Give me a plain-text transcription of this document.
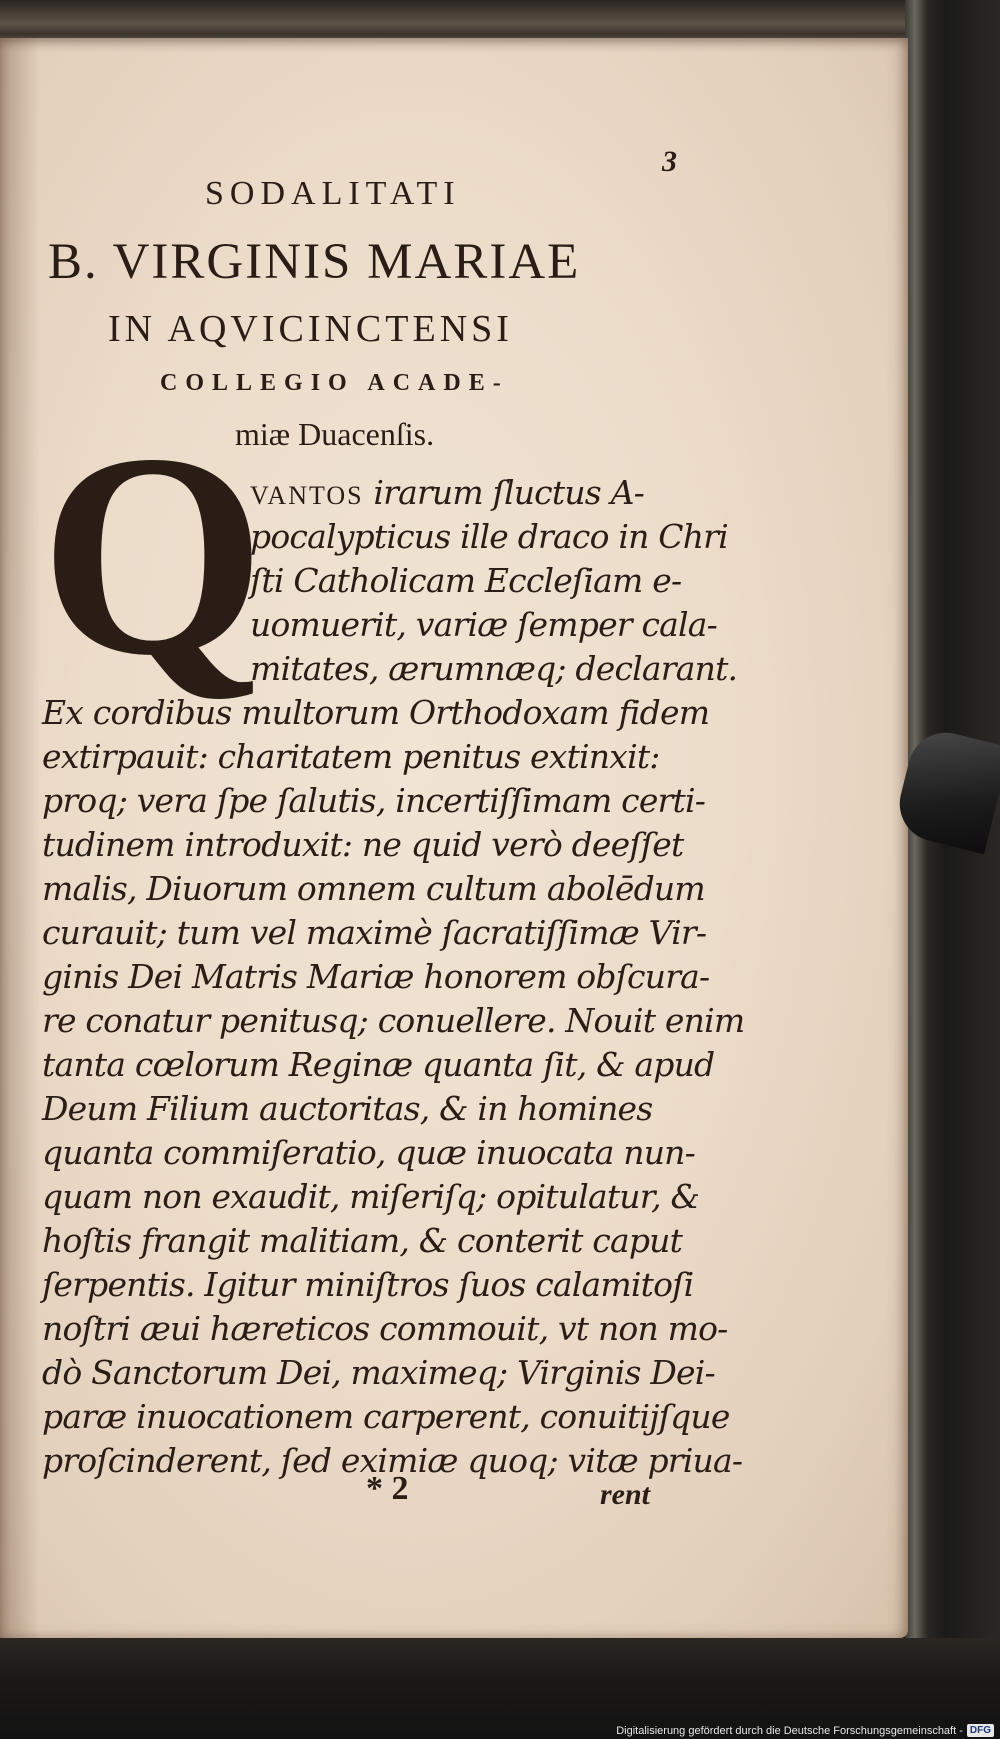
3
SODALITATI
B. VIRGINIS MARIAE
IN AQVICINCTENSI
COLLEGIO ACADE-
miæ Duacenſis.
Q
VANTOS irarum ſluctus A-
pocalypticus ille draco in Chri
ſti Catholicam Eccleſiam e-
uomuerit, variæ ſemper cala-
mitates, ærumnæq; declarant.
Ex cordibus multorum Orthodoxam fidem
extirpauit: charitatem penitus extinxit:
proq; vera ſpe ſalutis, incertiſſimam certi-
tudinem introduxit: ne quid verò deeſſet
malis, Diuorum omnem cultum abolēdum
curauit; tum vel maximè ſacratiſſimæ Vir-
ginis Dei Matris Mariæ honorem obſcura-
re conatur penitusq; conuellere. Nouit enim
tanta cœlorum Reginæ quanta ſit, & apud
Deum Filium auctoritas, & in homines
quanta commiſeratio, quæ inuocata nun-
quam non exaudit, miſeriſq; opitulatur, &
hoſtis frangit malitiam, & conterit caput
ſerpentis. Igitur miniſtros ſuos calamitoſi
noſtri æui hæreticos commouit, vt non mo-
dò Sanctorum Dei, maximeq; Virginis Dei-
paræ inuocationem carperent, conuitijſque
proſcinderent, ſed eximiæ quoq; vitæ priua-
* 2	rent
Digitalisierung gefördert durch die Deutsche Forschungsgemeinschaft - DFG
